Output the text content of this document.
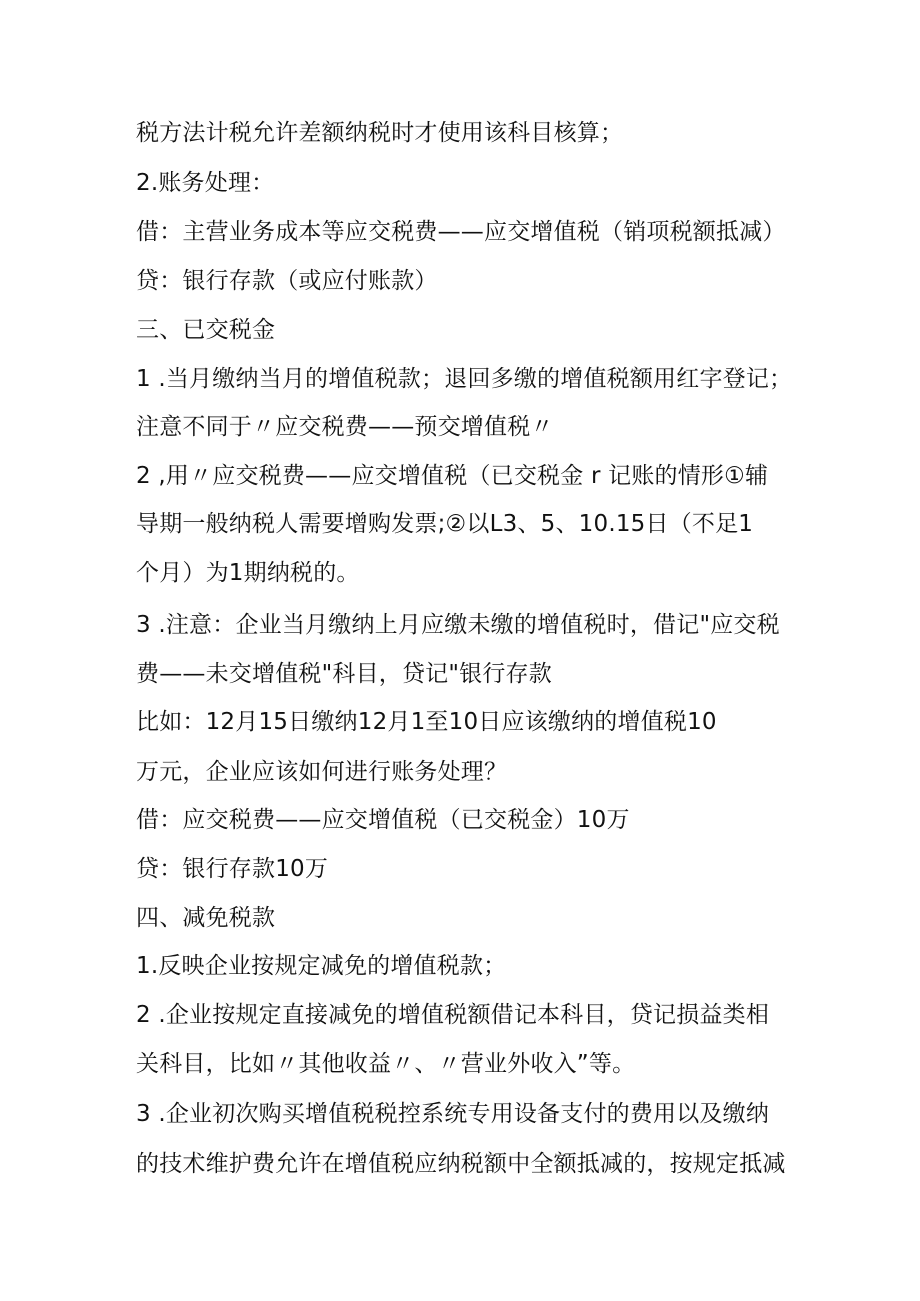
税方法计税允许差额纳税时才使用该科目核算；
2.账务处理：
借：主营业务成本等应交税费——应交增值税（销项税额抵减）
贷：银行存款（或应付账款）
三、已交税金
1 .当月缴纳当月的增值税款；退回多缴的增值税额用红字登记；
注意不同于〃应交税费——预交增值税〃
2 ,用〃应交税费——应交增值税（已交税金 r 记账的情形①辅
导期一般纳税人需要增购发票;②以L3、5、10.15日（不足1
个月）为1期纳税的。
3 .注意：企业当月缴纳上月应缴未缴的增值税时，借记"应交税
费——未交增值税"科目，贷记"银行存款
比如：12月15日缴纳12月1至10日应该缴纳的增值税10
万元，企业应该如何进行账务处理？
借：应交税费——应交增值税（已交税金）10万
贷：银行存款10万
四、减免税款
1.反映企业按规定减免的增值税款；
2 .企业按规定直接减免的增值税额借记本科目，贷记损益类相
关科目，比如〃其他收益〃、〃营业外收入”等。
3 .企业初次购买增值税税控系统专用设备支付的费用以及缴纳
的技术维护费允许在增值税应纳税额中全额抵减的，按规定抵减
